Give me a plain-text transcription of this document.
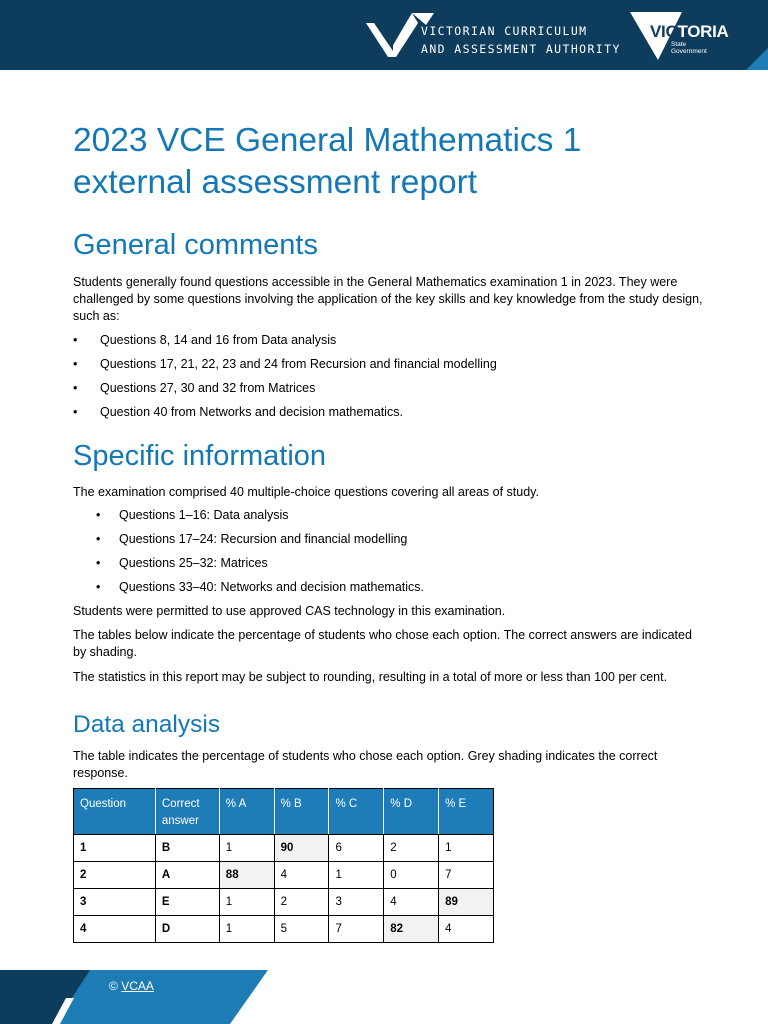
VICTORIAN CURRICULUM
AND ASSESSMENT AUTHORITY
VICTORIA
State
Government
2023 VCE General Mathematics 1
external assessment report
General comments

Students generally found questions accessible in the General Mathematics examination 1 in 2023. They were challenged by some questions involving the application of the key skills and key knowledge from the study design, such as:

• Questions 8, 14 and 16 from Data analysis
• Questions 17, 21, 22, 23 and 24 from Recursion and financial modelling
• Questions 27, 30 and 32 from Matrices
• Question 40 from Networks and decision mathematics.
Specific information

The examination comprised 40 multiple-choice questions covering all areas of study.

• Questions 1–16: Data analysis
• Questions 17–24: Recursion and financial modelling
• Questions 25–32: Matrices
• Questions 33–40: Networks and decision mathematics.

Students were permitted to use approved CAS technology in this examination.

The tables below indicate the percentage of students who chose each option. The correct answers are indicated by shading.

The statistics in this report may be subject to rounding, resulting in a total of more or less than 100 per cent.

Data analysis

The table indicates the percentage of students who chose each option. Grey shading indicates the correct response.

Question	Correct answer	% A	% B	% C	% D	% E
1	B	1	90	6	2	1
2	A	88	4	1	0	7
3	E	1	2	3	4	89
4	D	1	5	7	82	4
© VCAA
